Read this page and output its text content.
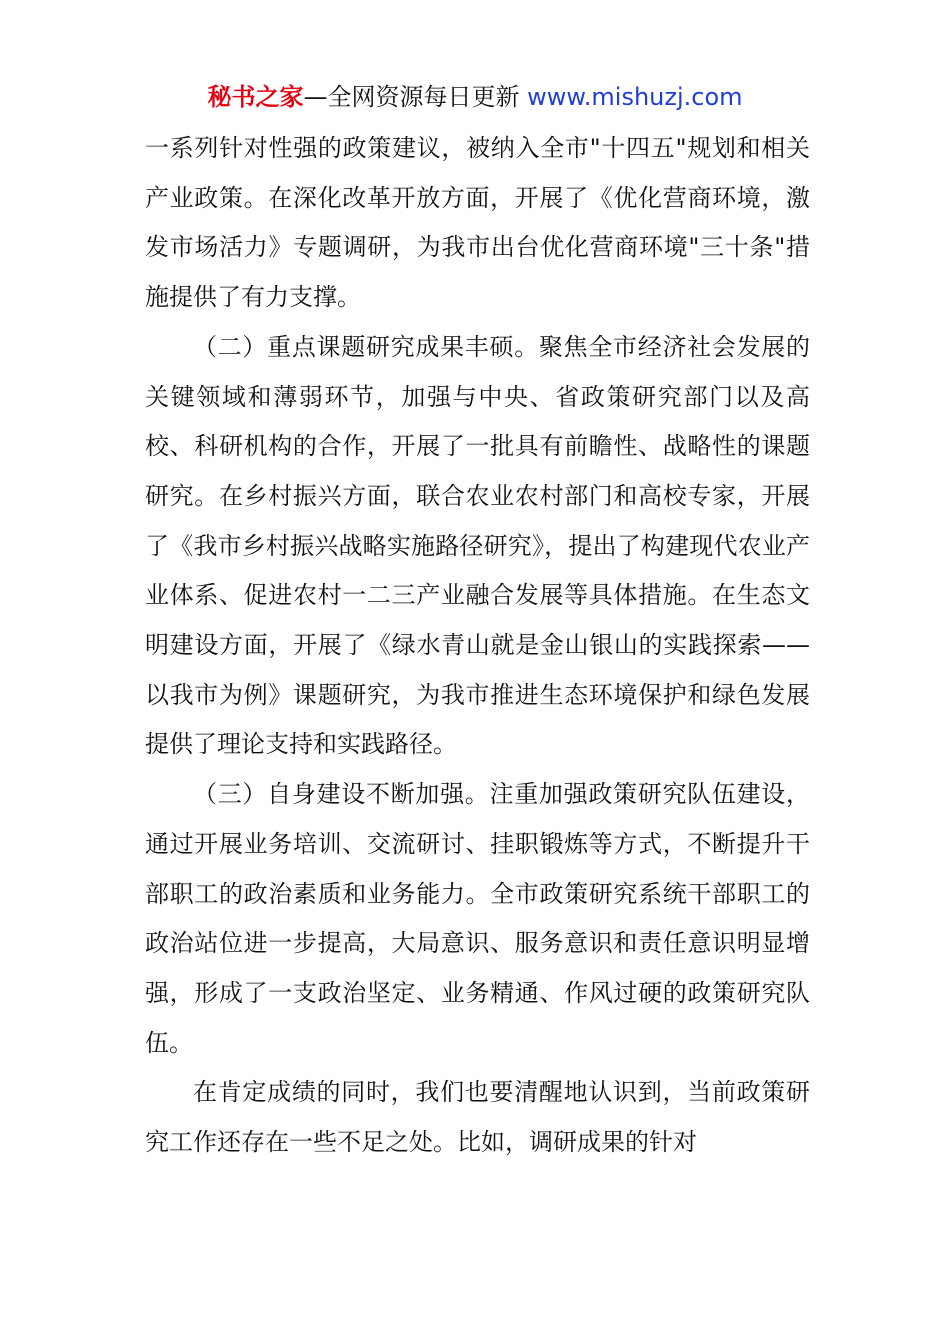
秘书之家—全网资源每日更新 www.mishuzj.com

一系列针对性强的政策建议，被纳入全市"十四五"规划和相关产业政策。在深化改革开放方面，开展了《优化营商环境，激发市场活力》专题调研，为我市出台优化营商环境"三十条"措施提供了有力支撑。

（二）重点课题研究成果丰硕。聚焦全市经济社会发展的关键领域和薄弱环节，加强与中央、省政策研究部门以及高校、科研机构的合作，开展了一批具有前瞻性、战略性的课题研究。在乡村振兴方面，联合农业农村部门和高校专家，开展了《我市乡村振兴战略实施路径研究》，提出了构建现代农业产业体系、促进农村一二三产业融合发展等具体措施。在生态文明建设方面，开展了《绿水青山就是金山银山的实践探索——以我市为例》课题研究，为我市推进生态环境保护和绿色发展提供了理论支持和实践路径。

（三）自身建设不断加强。注重加强政策研究队伍建设，通过开展业务培训、交流研讨、挂职锻炼等方式，不断提升干部职工的政治素质和业务能力。全市政策研究系统干部职工的政治站位进一步提高，大局意识、服务意识和责任意识明显增强，形成了一支政治坚定、业务精通、作风过硬的政策研究队伍。

在肯定成绩的同时，我们也要清醒地认识到，当前政策研究工作还存在一些不足之处。比如，调研成果的针对
